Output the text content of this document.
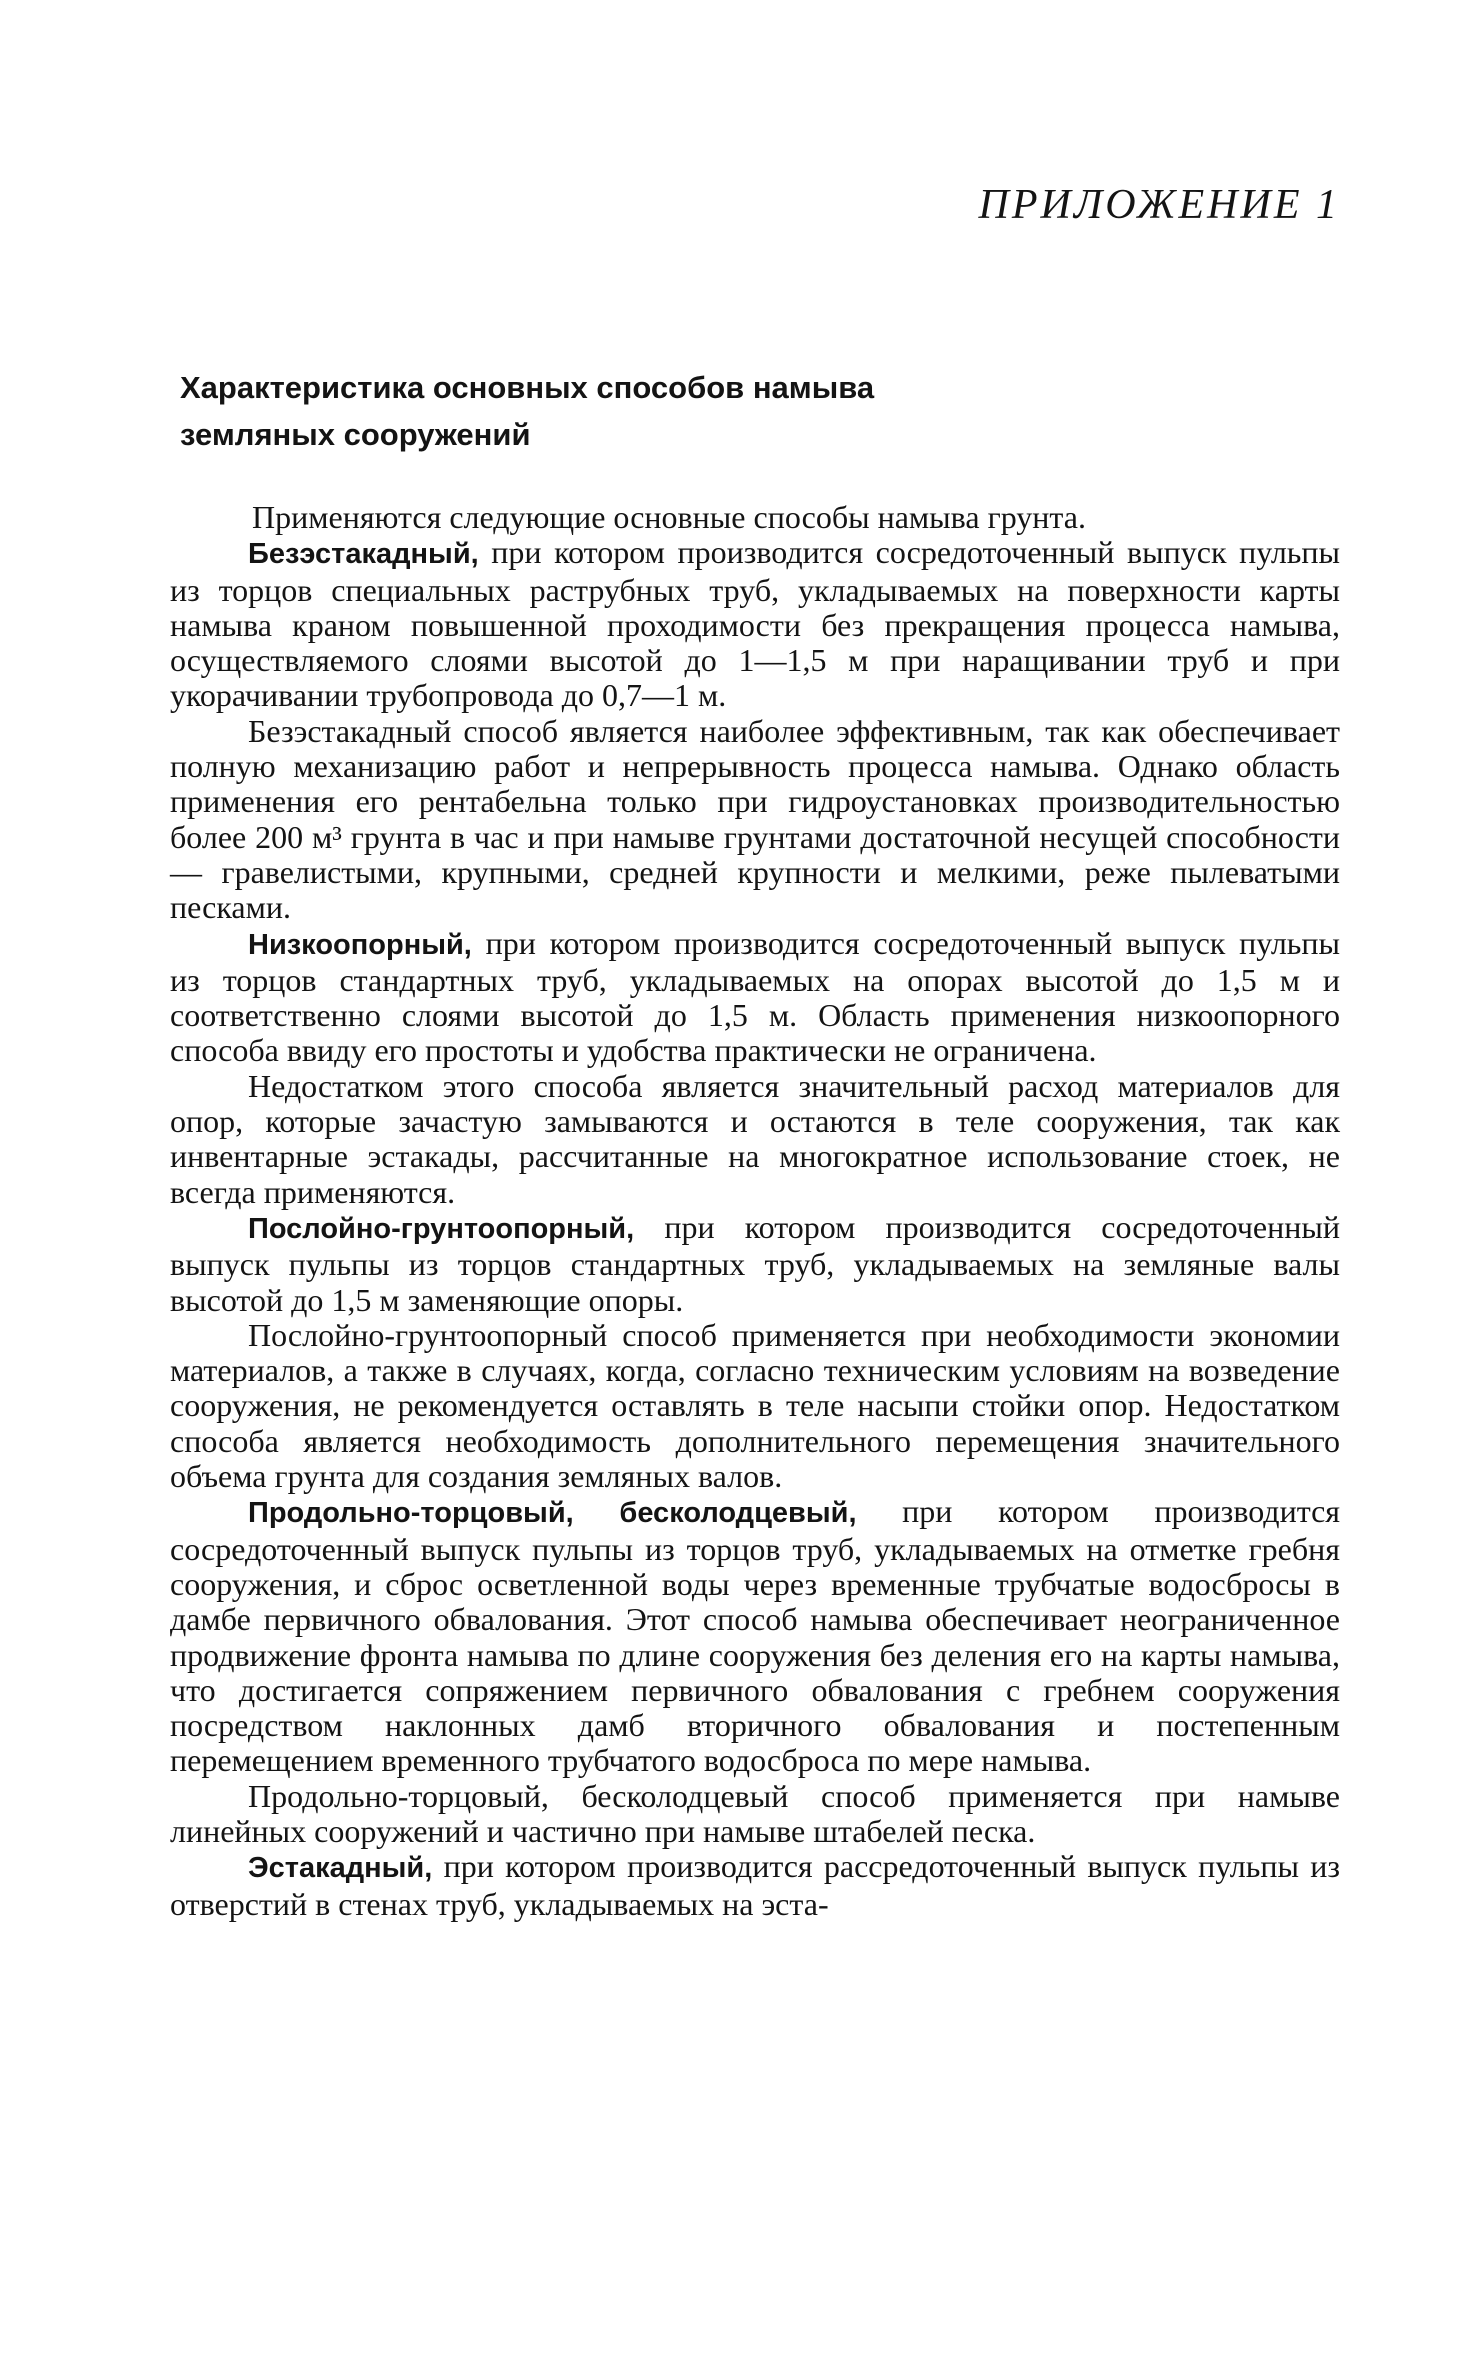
ПРИЛОЖЕНИЕ 1
Характеристика основных способов намыва
земляных сооружений

Применяются следующие основные способы намыва грунта.

Безэстакадный, при котором производится сосредоточенный выпуск пульпы из торцов специальных раструбных труб, укладываемых на поверхности карты намыва краном повышенной проходимости без прекращения процесса намыва, осуществляемого слоями высотой до 1—1,5 м при наращивании труб и при укорачивании трубопровода до 0,7—1 м.

Безэстакадный способ является наиболее эффективным, так как обеспечивает полную механизацию работ и непрерывность процесса намыва. Однако область применения его рентабельна только при гидроустановках производительностью более 200 м³ грунта в час и при намыве грунтами достаточной несущей способности — гравелистыми, крупными, средней крупности и мелкими, реже пылеватыми песками.

Низкоопорный, при котором производится сосредоточенный выпуск пульпы из торцов стандартных труб, укладываемых на опорах высотой до 1,5 м и соответственно слоями высотой до 1,5 м. Область применения низкоопорного способа ввиду его простоты и удобства практически не ограничена.

Недостатком этого способа является значительный расход материалов для опор, которые зачастую замываются и остаются в теле сооружения, так как инвентарные эстакады, рассчитанные на многократное использование стоек, не всегда применяются.

Послойно-грунтоопорный, при котором производится сосредоточенный выпуск пульпы из торцов стандартных труб, укладываемых на земляные валы высотой до 1,5 м заменяющие опоры.

Послойно-грунтоопорный способ применяется при необходимости экономии материалов, а также в случаях, когда, согласно техническим условиям на возведение сооружения, не рекомендуется оставлять в теле насыпи стойки опор. Недостатком способа является необходимость дополнительного перемещения значительного объема грунта для создания земляных валов.

Продольно-торцовый, бесколодцевый, при котором производится сосредоточенный выпуск пульпы из торцов труб, укладываемых на отметке гребня сооружения, и сброс осветленной воды через временные трубчатые водосбросы в дамбе первичного обвалования. Этот способ намыва обеспечивает неограниченное продвижение фронта намыва по длине сооружения без деления его на карты намыва, что достигается сопряжением первичного обвалования с гребнем сооружения посредством наклонных дамб вторичного обвалования и постепенным перемещением временного трубчатого водосброса по мере намыва.

Продольно-торцовый, бесколодцевый способ применяется при намыве линейных сооружений и частично при намыве штабелей песка.

Эстакадный, при котором производится рассредоточенный выпуск пульпы из отверстий в стенах труб, укладываемых на эста-
